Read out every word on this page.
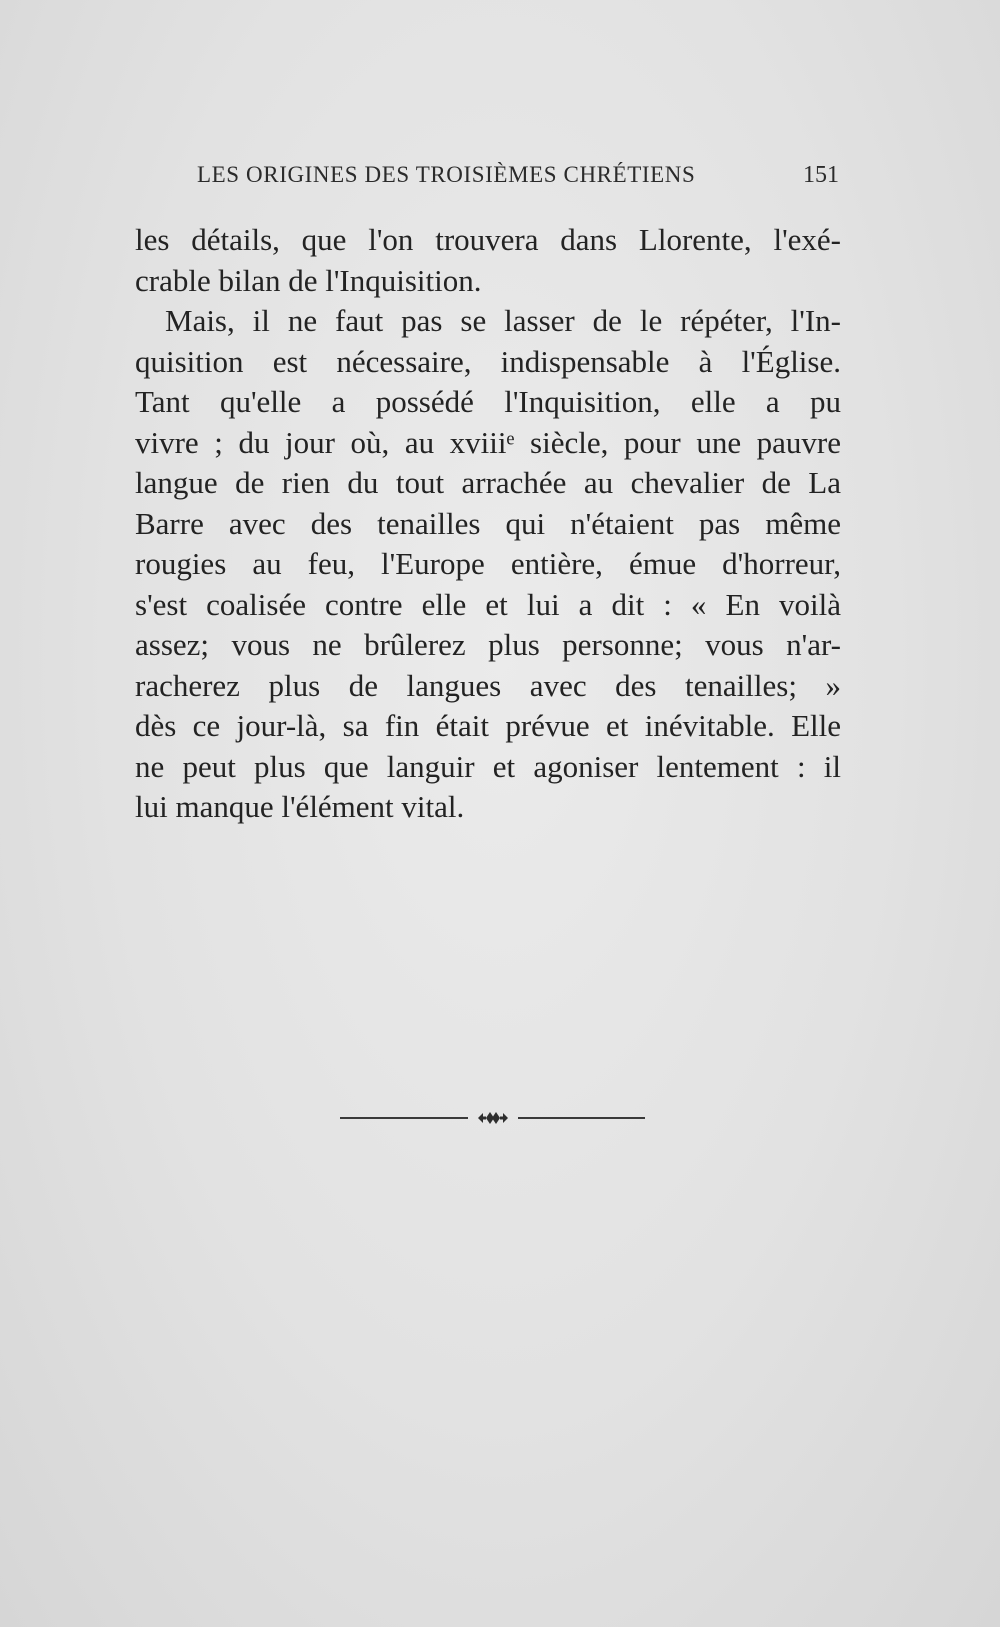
LES ORIGINES DES TROISIÈMES CHRÉTIENS	151
les détails, que l'on trouvera dans Llorente, l'exé-
crable bilan de l'Inquisition.
Mais, il ne faut pas se lasser de le répéter, l'In-
quisition est nécessaire, indispensable à l'Église.
Tant qu'elle a possédé l'Inquisition, elle a pu
vivre ; du jour où, au xviiiᵉ siècle, pour une pauvre
langue de rien du tout arrachée au chevalier de La
Barre avec des tenailles qui n'étaient pas même
rougies au feu, l'Europe entière, émue d'horreur,
s'est coalisée contre elle et lui a dit : « En voilà
assez; vous ne brûlerez plus personne; vous n'ar-
racherez plus de langues avec des tenailles; »
dès ce jour-là, sa fin était prévue et inévitable. Elle
ne peut plus que languir et agoniser lentement : il
lui manque l'élément vital.
